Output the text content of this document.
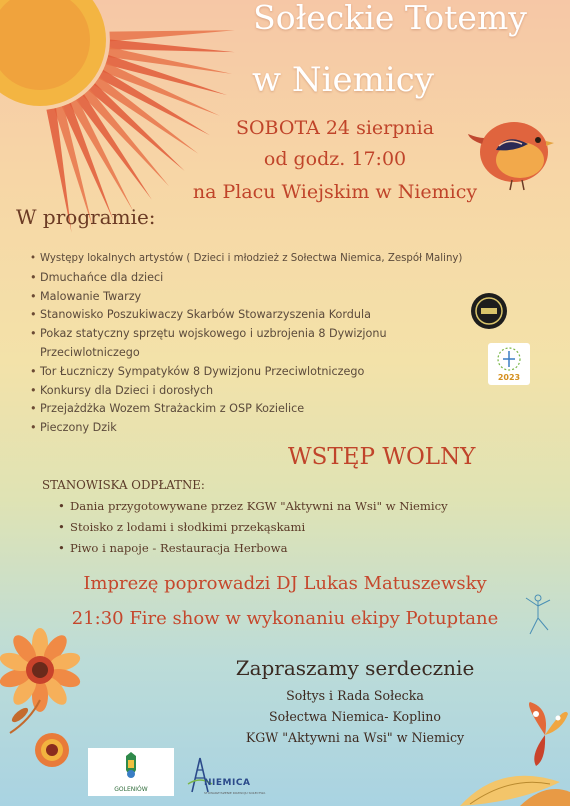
Sołeckie Totemy
w Niemicy
SOBOTA 24 sierpnia
od godz. 17:00
na Placu Wiejskim w Niemicy
W programie:
• Występy lokalnych artystów ( Dzieci i młodzież z Sołectwa Niemica, Zespół Maliny)
• Dmuchańce dla dzieci
• Malowanie Twarzy
• Stanowisko Poszukiwaczy Skarbów Stowarzyszenia Kordula
• Pokaz statyczny sprzętu wojskowego i uzbrojenia 8 Dywizjonu
Przeciwlotniczego
• Tor Łuczniczy Sympatyków 8 Dywizjonu Przeciwlotniczego
• Konkursy dla Dzieci i dorosłych
• Przejażdżka Wozem Strażackim z OSP Kozielice
• Pieczony Dzik
2023
WSTĘP WOLNY
STANOWISKA ODPŁATNE:
• Dania przygotowywane przez KGW "Aktywni na Wsi" w Niemicy
• Stoisko z lodami i słodkimi przekąskami
• Piwo i napoje - Restauracja Herbowa
Imprezę poprowadzi DJ Lukas Matuszewsky
21:30 Fire show w wykonaniu ekipy Potuptane
Zapraszamy serdecznie
Sołtys i Rada Sołecka
Sołectwa Niemica- Koplino
KGW "Aktywni na Wsi" w Niemicy
GOLENIÓW
NIEMICA
STOWARZYSZENIE ROZWOJU SOŁECTWA
